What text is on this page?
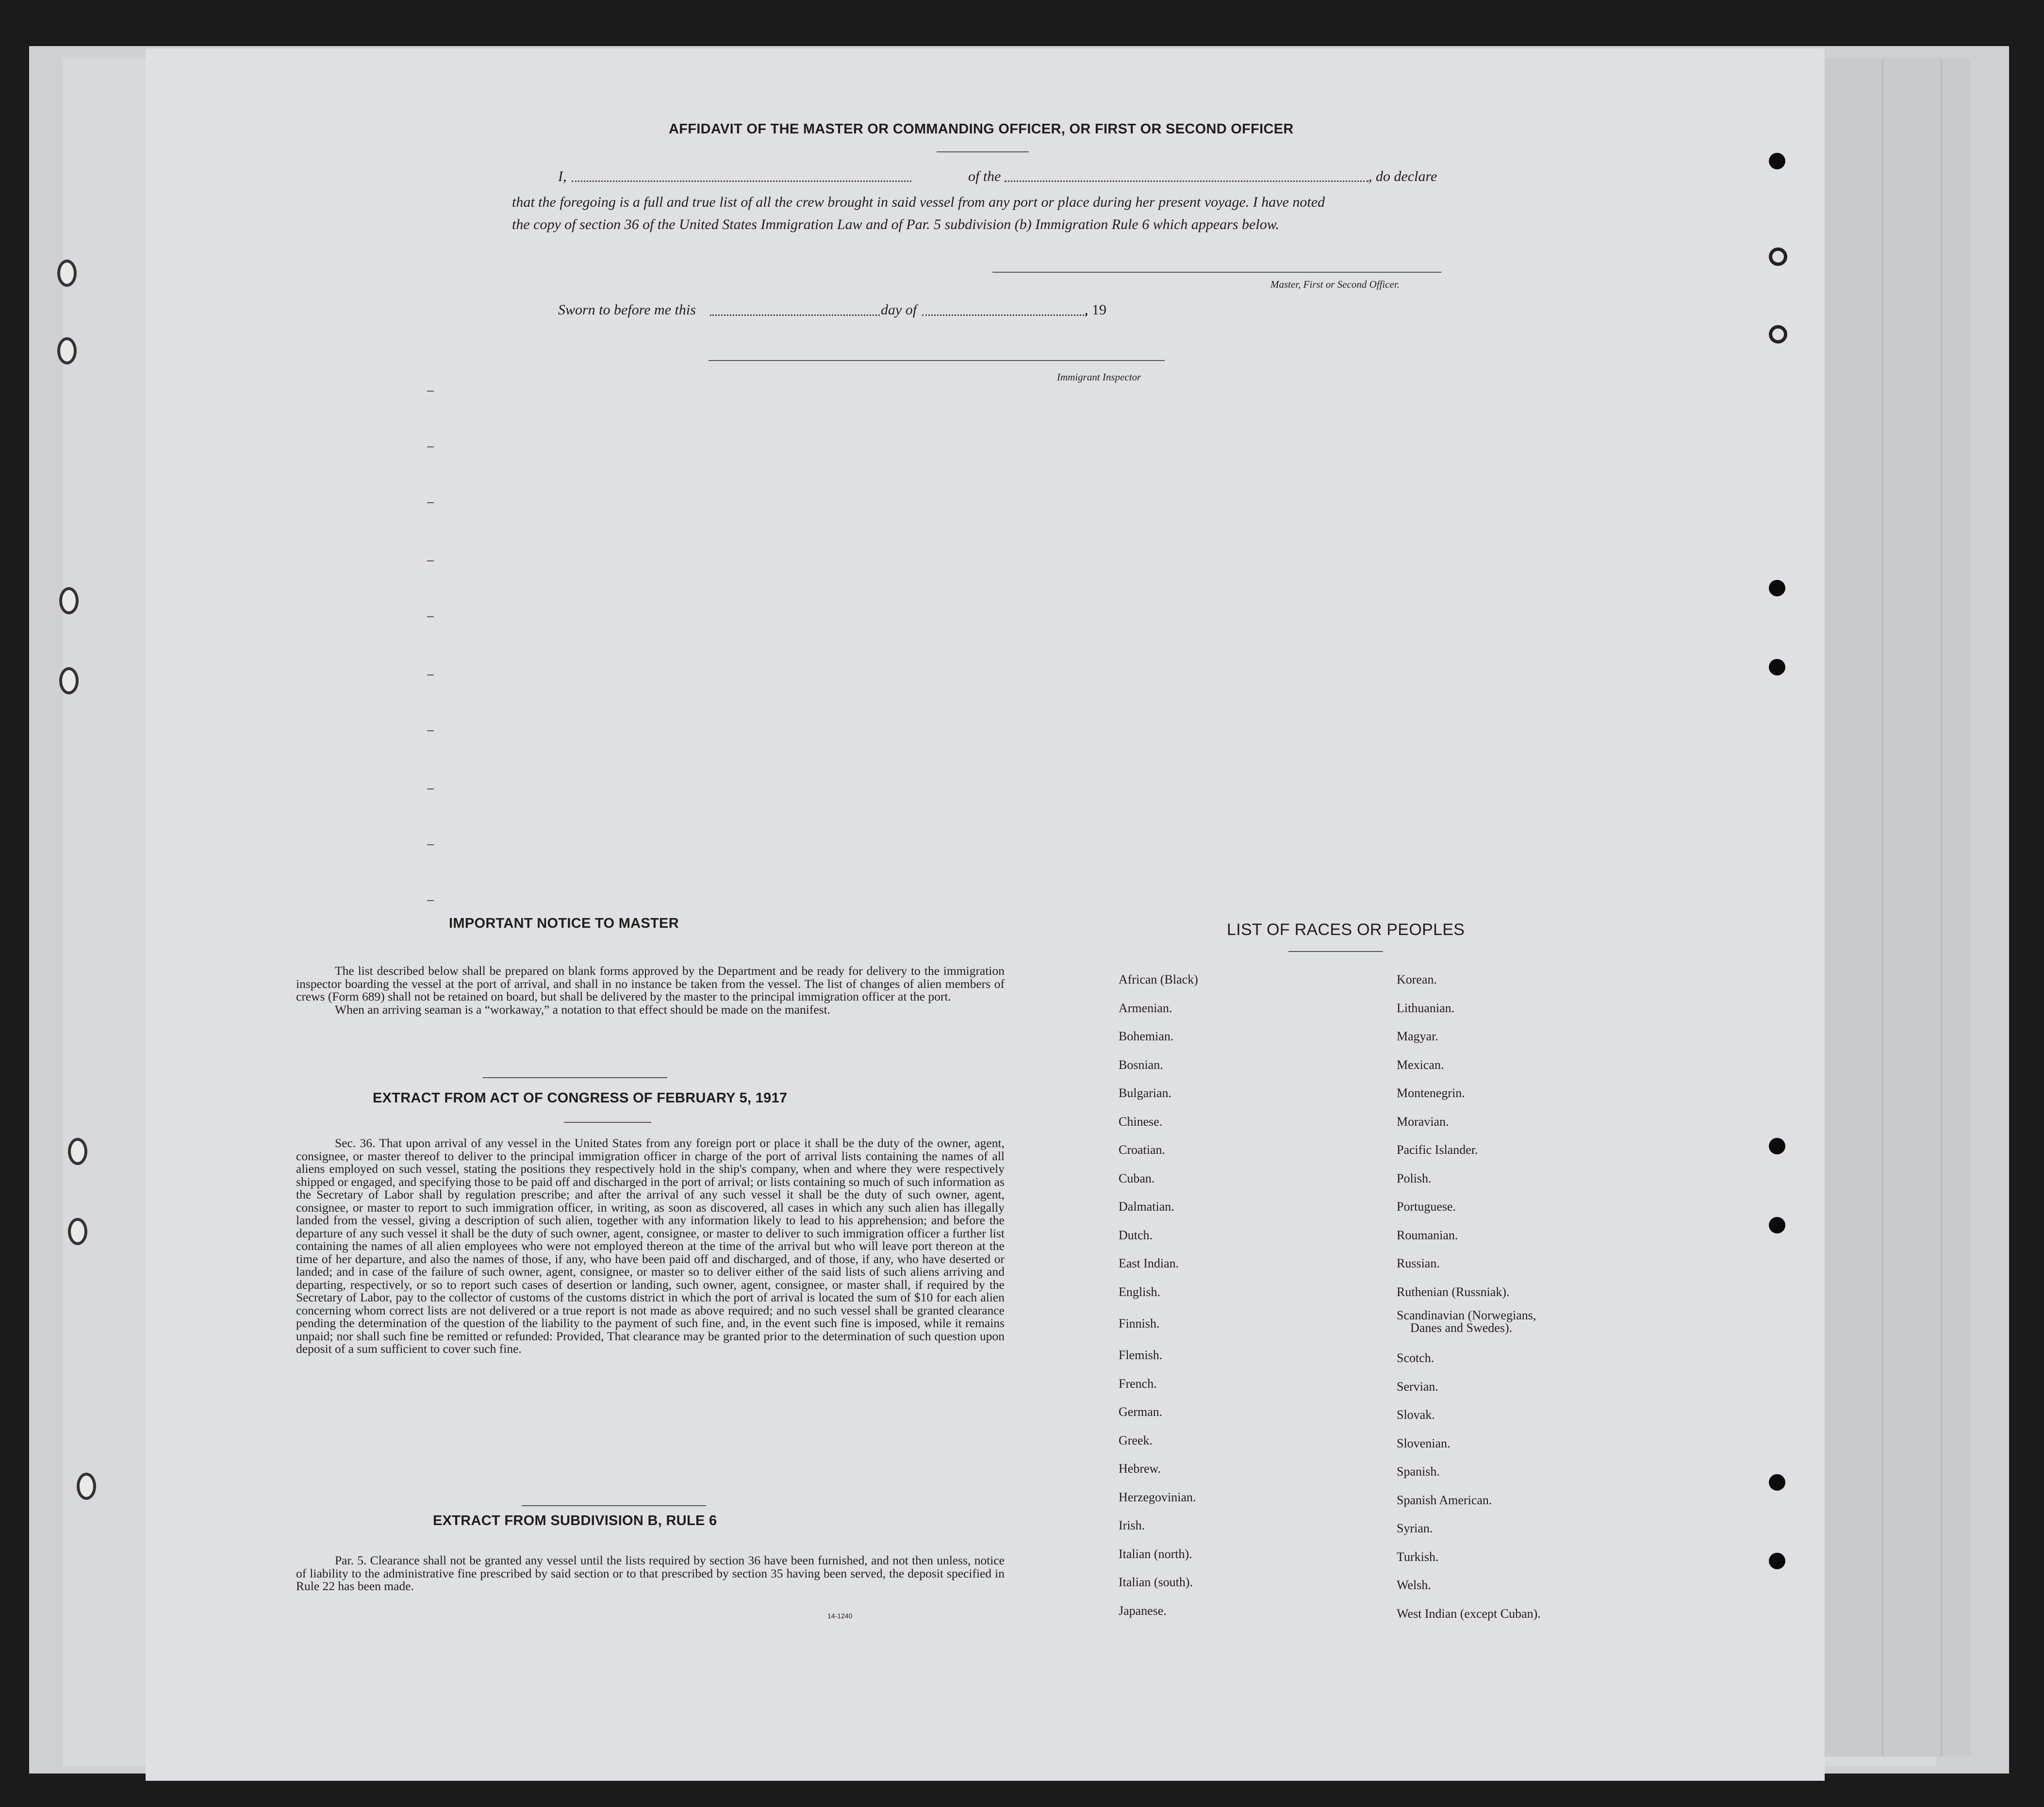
AFFIDAVIT OF THE MASTER OR COMMANDING OFFICER, OR FIRST OR SECOND OFFICER
I,	of the	, do declare
that the foregoing is a full and true list of all the crew brought in said vessel from any port or place during her present voyage. I have noted
the copy of section 36 of the United States Immigration Law and of Par. 5 subdivision (b) Immigration Rule 6 which appears below.
Master, First or Second Officer.
Sworn to before me this	day of	, 19
Immigrant Inspector
IMPORTANT NOTICE TO MASTER

The list described below shall be prepared on blank forms approved by the Department and be ready for delivery to the immigration inspector boarding the vessel at the port of arrival, and shall in no instance be taken from the vessel. The list of changes of alien members of crews (Form 689) shall not be retained on board, but shall be delivered by the master to the principal immigration officer at the port.

When an arriving seaman is a “workaway,” a notation to that effect should be made on the manifest.

EXTRACT FROM ACT OF CONGRESS OF FEBRUARY 5, 1917

Sec. 36. That upon arrival of any vessel in the United States from any foreign port or place it shall be the duty of the owner, agent, consignee, or master thereof to deliver to the principal immigration officer in charge of the port of arrival lists containing the names of all aliens employed on such vessel, stating the positions they respectively hold in the ship's company, when and where they were respectively shipped or engaged, and specifying those to be paid off and discharged in the port of arrival; or lists containing so much of such information as the Secretary of Labor shall by regulation prescribe; and after the arrival of any such vessel it shall be the duty of such owner, agent, consignee, or master to report to such immigration officer, in writing, as soon as discovered, all cases in which any such alien has illegally landed from the vessel, giving a description of such alien, together with any information likely to lead to his apprehension; and before the departure of any such vessel it shall be the duty of such owner, agent, consignee, or master to deliver to such immigration officer a further list containing the names of all alien employees who were not employed thereon at the time of the arrival but who will leave port thereon at the time of her departure, and also the names of those, if any, who have been paid off and discharged, and of those, if any, who have deserted or landed; and in case of the failure of such owner, agent, consignee, or master so to deliver either of the said lists of such aliens arriving and departing, respectively, or so to report such cases of desertion or landing, such owner, agent, consignee, or master shall, if required by the Secretary of Labor, pay to the collector of customs of the customs district in which the port of arrival is located the sum of $10 for each alien concerning whom correct lists are not delivered or a true report is not made as above required; and no such vessel shall be granted clearance pending the determination of the question of the liability to the payment of such fine, and, in the event such fine is imposed, while it remains unpaid; nor shall such fine be remitted or refunded: Provided, That clearance may be granted prior to the determination of such question upon deposit of a sum sufficient to cover such fine.

EXTRACT FROM SUBDIVISION B, RULE 6

Par. 5. Clearance shall not be granted any vessel until the lists required by section 36 have been furnished, and not then unless, notice of liability to the administrative fine prescribed by said section or to that prescribed by section 35 having been served, the deposit specified in Rule 22 has been made.

14-1240
LIST OF RACES OR PEOPLES
African (Black)
Armenian.
Bohemian.
Bosnian.
Bulgarian.
Chinese.
Croatian.
Cuban.
Dalmatian.
Dutch.
East Indian.
English.
Finnish.
Flemish.
French.
German.
Greek.
Hebrew.
Herzegovinian.
Irish.
Italian (north).
Italian (south).
Japanese.
Korean.
Lithuanian.
Magyar.
Mexican.
Montenegrin.
Moravian.
Pacific Islander.
Polish.
Portuguese.
Roumanian.
Russian.
Ruthenian (Russniak).
Scandinavian (Norwegians,
Danes and Swedes).
Scotch.
Servian.
Slovak.
Slovenian.
Spanish.
Spanish American.
Syrian.
Turkish.
Welsh.
West Indian (except Cuban).
